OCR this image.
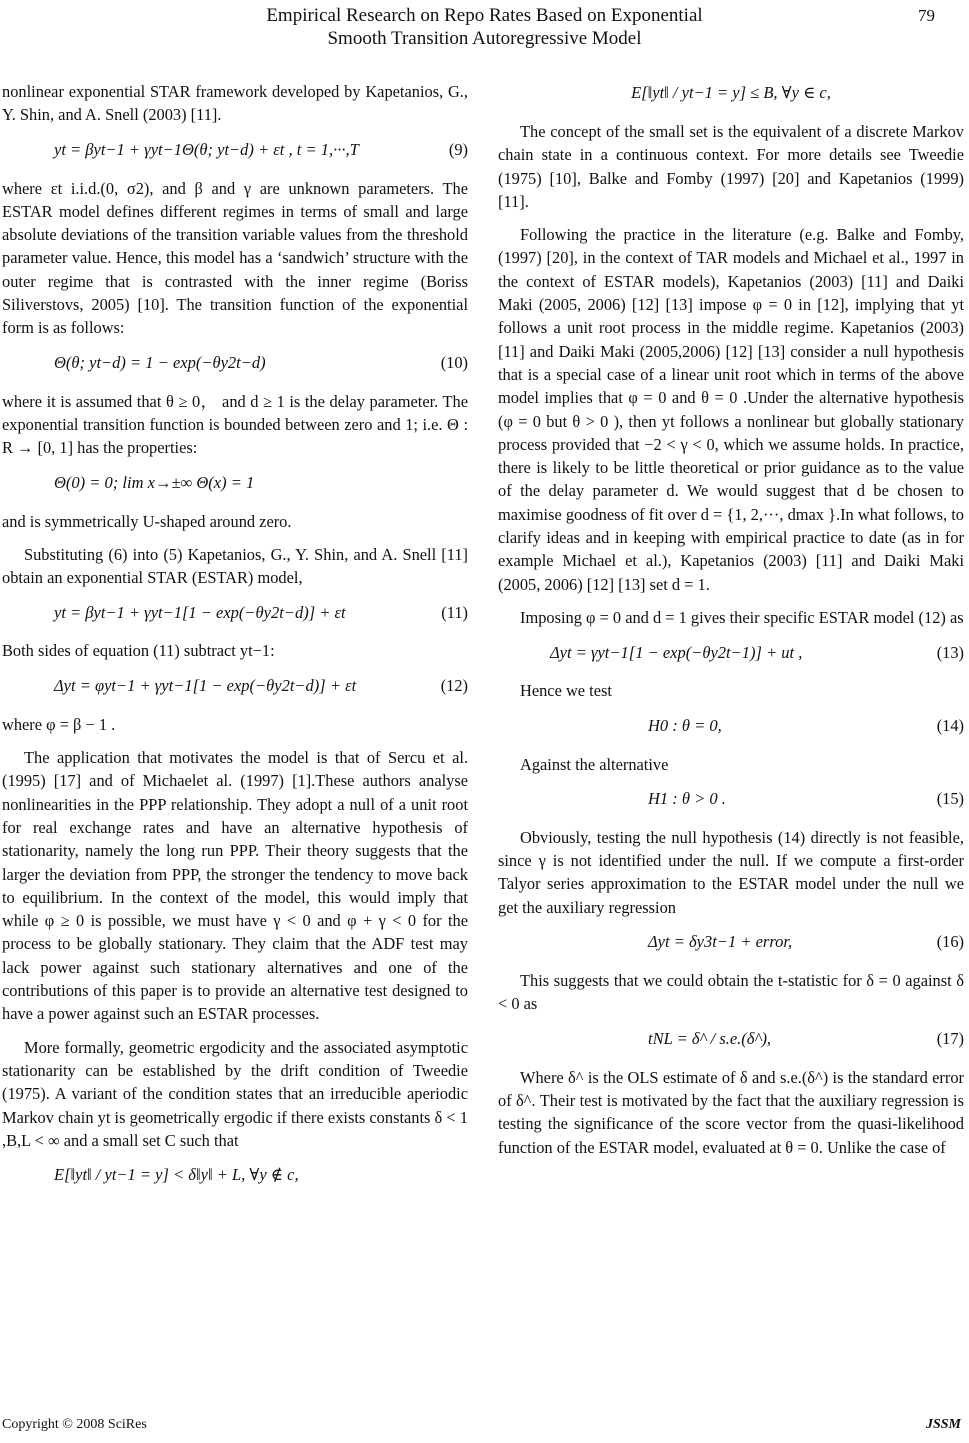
Empirical Research on Repo Rates Based on Exponential
Smooth Transition Autoregressive Model
79

nonlinear exponential STAR framework developed by Kapetanios, G., Y. Shin, and A. Snell (2003) [11].

yt = βyt−1 + γyt−1Θ(θ; yt−d) + εt , t = 1,···,T	(9)

where εt i.i.d.(0, σ2), and β and γ are unknown parameters. The ESTAR model defines different regimes in terms of small and large absolute deviations of the transition variable values from the threshold parameter value. Hence, this model has a ‘sandwich’ structure with the outer regime that is contrasted with the inner regime (Boriss Siliverstovs, 2005) [10]. The transition function of the exponential form is as follows:

Θ(θ; yt−d) = 1 − exp(−θy2t−d)	(10)

where it is assumed that θ ≥ 0， and d ≥ 1 is the delay parameter. The exponential transition function is bounded between zero and 1; i.e. Θ : R → [0, 1] has the properties:

Θ(0) = 0; lim x→±∞ Θ(x) = 1

and is symmetrically U-shaped around zero.

Substituting (6) into (5) Kapetanios, G., Y. Shin, and A. Snell [11] obtain an exponential STAR (ESTAR) model,

yt = βyt−1 + γyt−1[1 − exp(−θy2t−d)] + εt	(11)

Both sides of equation (11) subtract yt−1:

Δyt = φyt−1 + γyt−1[1 − exp(−θy2t−d)] + εt	(12)

where φ = β − 1 .

The application that motivates the model is that of Sercu et al. (1995) [17] and of Michaelet al. (1997) [1].These authors analyse nonlinearities in the PPP relationship. They adopt a null of a unit root for real exchange rates and have an alternative hypothesis of stationarity, namely the long run PPP. Their theory suggests that the larger the deviation from PPP, the stronger the tendency to move back to equilibrium. In the context of the model, this would imply that while φ ≥ 0 is possible, we must have γ < 0 and φ + γ < 0 for the process to be globally stationary. They claim that the ADF test may lack power against such stationary alternatives and one of the contributions of this paper is to provide an alternative test designed to have a power against such an ESTAR processes.

More formally, geometric ergodicity and the associated asymptotic stationarity can be established by the drift condition of Tweedie (1975). A variant of the condition states that an irreducible aperiodic Markov chain yt is geometrically ergodic if there exists constants δ < 1 ,B,L < ∞ and a small set C such that

E[‖yt‖ / yt−1 = y] < δ‖y‖ + L, ∀y ∉ c,
E[‖yt‖ / yt−1 = y] ≤ B, ∀y ∈ c,

The concept of the small set is the equivalent of a discrete Markov chain state in a continuous context. For more details see Tweedie (1975) [10], Balke and Fomby (1997) [20] and Kapetanios (1999) [11].

Following the practice in the literature (e.g. Balke and Fomby, (1997) [20], in the context of TAR models and Michael et al., 1997 in the context of ESTAR models), Kapetanios (2003) [11] and Daiki Maki (2005, 2006) [12] [13] impose φ = 0 in [12], implying that yt follows a unit root process in the middle regime. Kapetanios (2003) [11] and Daiki Maki (2005,2006) [12] [13] consider a null hypothesis that is a special case of a linear unit root which in terms of the above model implies that φ = 0 and θ = 0 .Under the alternative hypothesis (φ = 0 but θ > 0 ), then yt follows a nonlinear but globally stationary process provided that −2 < γ < 0, which we assume holds. In practice, there is likely to be little theoretical or prior guidance as to the value of the delay parameter d. We would suggest that d be chosen to maximise goodness of fit over d = {1, 2,···, dmax }.In what follows, to clarify ideas and in keeping with empirical practice to date (as in for example Michael et al.), Kapetanios (2003) [11] and Daiki Maki (2005, 2006) [12] [13] set d = 1.

Imposing φ = 0 and d = 1 gives their specific ESTAR model (12) as

Δyt = γyt−1[1 − exp(−θy2t−1)] + ut ,	(13)

Hence we test

H0 : θ = 0,	(14)

Against the alternative

H1 : θ > 0 .	(15)

Obviously, testing the null hypothesis (14) directly is not feasible, since γ is not identified under the null. If we compute a first-order Talyor series approximation to the ESTAR model under the null we get the auxiliary regression

Δyt = δy3t−1 + error,	(16)

This suggests that we could obtain the t-statistic for δ = 0 against δ < 0 as

tNL = δ^ / s.e.(δ^),	(17)

Where δ^ is the OLS estimate of δ and s.e.(δ^) is the standard error of δ^. Their test is motivated by the fact that the auxiliary regression is testing the significance of the score vector from the quasi-likelihood function of the ESTAR model, evaluated at θ = 0. Unlike the case of

Copyright © 2008 SciRes	JSSM
